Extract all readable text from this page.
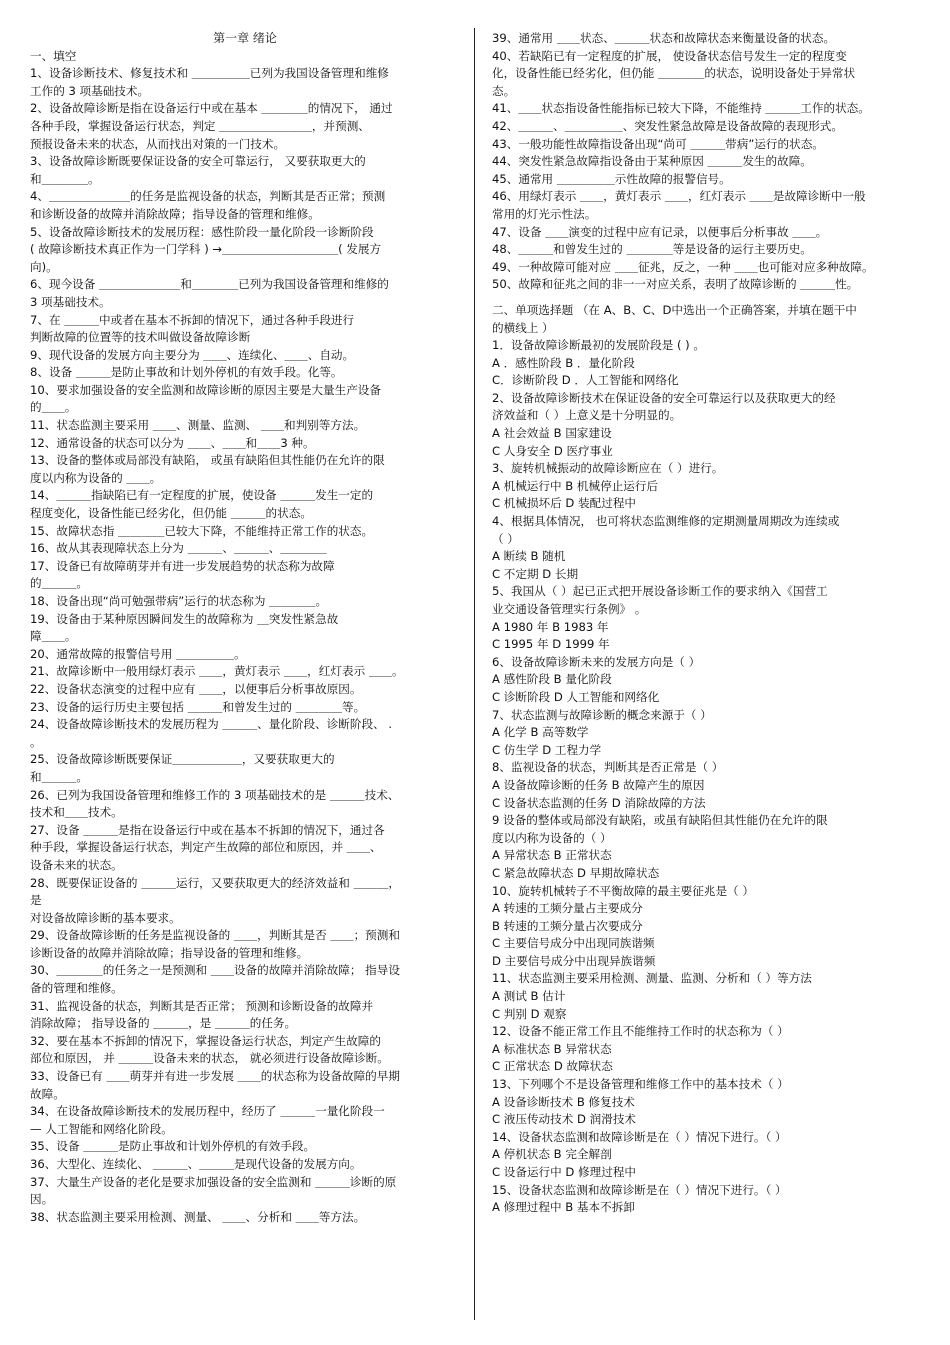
第一章 绪论
一、填空
1、设备诊断技术、修复技术和 ＿＿＿＿＿已列为我国设备管理和维修
工作的 3 项基础技术。
2、设备故障诊断是指在设备运行中或在基本 ＿＿＿＿的情况下， 通过
各种手段，掌握设备运行状态，判定 ＿＿＿＿＿＿＿＿，并预测、
预报设备未来的状态，从而找出对策的一门技术。
3、设备故障诊断既要保证设备的安全可靠运行， 又要获取更大的
和＿＿＿＿。
4、＿＿＿＿＿＿＿的任务是监视设备的状态，判断其是否正常；预测
和诊断设备的故障并消除故障；指导设备的管理和维修。
5、设备故障诊断技术的发展历程：感性阶段一量化阶段一诊断阶段
( 故障诊断技术真正作为一门学科 ) →＿＿＿＿＿＿＿＿＿＿( 发展方
向)。
6、现今设备 ＿＿＿＿＿＿＿和＿＿＿＿已列为我国设备管理和维修的
3 项基础技术。
7、在 ＿＿＿中或者在基本不拆卸的情况下，通过各种手段进行
判断故障的位置等的技术叫做设备故障诊断
9、现代设备的发展方向主要分为 ＿＿、连续化、＿＿、自动。
8、设备 ＿＿＿是防止事故和计划外停机的有效手段。化等。
10、要求加强设备的安全监测和故障诊断的原因主要是大量生产设备
的＿＿。
11、状态监测主要采用 ＿＿、测量、监测、 ＿＿和判别等方法。
12、通常设备的状态可以分为 ＿＿、＿＿和＿＿3 种。
13、设备的整体或局部没有缺陷， 或虽有缺陷但其性能仍在允许的限
度以内称为设备的 ＿＿。
14、＿＿＿指缺陷已有一定程度的扩展，使设备 ＿＿＿发生一定的
程度变化，设备性能已经劣化，但仍能 ＿＿＿的状态。
15、故障状态指 ＿＿＿＿已较大下降，不能维持正常工作的状态。
16、故从其表现障状态上分为 ＿＿＿、＿＿＿、＿＿＿＿
17、设备已有故障萌芽并有进一步发展趋势的状态称为故障
的＿＿＿。
18、设备出现“尚可勉强带病”运行的状态称为 ＿＿＿＿。
19、设备由于某种原因瞬间发生的故障称为 ＿突发性紧急故
障＿＿。
20、通常故障的报警信号用 ＿＿＿＿＿。
21、故障诊断中一般用绿灯表示 ＿＿，黄灯表示 ＿＿，红灯表示 ＿＿。
22、设备状态演变的过程中应有 ＿＿，以便事后分析事故原因。
23、设备的运行历史主要包括 ＿＿＿和曾发生过的 ＿＿＿＿等。
24、设备故障诊断技术的发展历程为 ＿＿＿、量化阶段、诊断阶段、 .
。
25、设备故障诊断既要保证＿＿＿＿＿＿，又要获取更大的
和＿＿＿。
26、已列为我国设备管理和维修工作的 3 项基础技术的是 ＿＿＿技术、
技术和＿＿技术。
27、设备 ＿＿＿是指在设备运行中或在基本不拆卸的情况下，通过各
种手段，掌握设备运行状态，判定产生故障的部位和原因，并 ＿＿、
设备未来的状态。
28、既要保证设备的 ＿＿＿运行，又要获取更大的经济效益和 ＿＿＿，
是
对设备故障诊断的基本要求。
29、设备故障诊断的任务是监视设备的 ＿＿，判断其是否 ＿＿；预测和
诊断设备的故障并消除故障；指导设备的管理和维修。
30、＿＿＿＿的任务之一是预测和 ＿＿设备的故障并消除故障； 指导设
备的管理和维修。
31、监视设备的状态，判断其是否正常； 预测和诊断设备的故障并
消除故障； 指导设备的 ＿＿＿，是 ＿＿＿的任务。
32、要在基本不拆卸的情况下，掌握设备运行状态，判定产生故障的
部位和原因， 并 ＿＿＿设备未来的状态， 就必须进行设备故障诊断。
33、设备已有 ＿＿萌芽并有进一步发展 ＿＿的状态称为设备故障的早期
故障。
34、在设备故障诊断技术的发展历程中，经历了 ＿＿＿一量化阶段一
— 人工智能和网络化阶段。
35、设备 ＿＿＿是防止事故和计划外停机的有效手段。
36、大型化、连续化、 ＿＿＿、＿＿＿是现代设备的发展方向。
37、大量生产设备的老化是要求加强设备的安全监测和 ＿＿＿诊断的原
因。
38、状态监测主要采用检测、测量、 ＿＿、分析和 ＿＿等方法。
39、通常用 ＿＿状态、＿＿＿状态和故障状态来衡量设备的状态。
40、若缺陷已有一定程度的扩展， 使设备状态信号发生一定的程度变
化，设备性能已经劣化，但仍能 ＿＿＿＿的状态，说明设备处于异常状
态。
41、＿＿状态指设备性能指标已较大下降，不能维持 ＿＿＿工作的状态。
42、＿＿＿、＿＿＿＿＿、突发性紧急故障是设备故障的表现形式。
43、一般功能性故障指设备出现“尚可 ＿＿＿带病”运行的状态。
44、突发性紧急故障指设备由于某种原因 ＿＿＿发生的故障。
45、通常用 ＿＿＿＿＿示性故障的报警信号。
46、用绿灯表示 ＿＿，黄灯表示 ＿＿，红灯表示 ＿＿是故障诊断中一般
常用的灯光示性法。
47、设备 ＿＿演变的过程中应有记录，以便事后分析事故 ＿＿。
48、＿＿＿和曾发生过的 ＿＿＿＿等是设备的运行主要历史。
49、一种故障可能对应 ＿＿征兆，反之，一种 ＿＿也可能对应多种故障。
50、故障和征兆之间的非一一对应关系，表明了故障诊断的 ＿＿＿性。
二、单项选择题 （在 A、B、C、D中选出一个正确答案，并填在题干中
的横线上 ）
1．设备故障诊断最初的发展阶段是 ( ) 。
A ．感性阶段 B ．量化阶段
C．诊断阶段 D ．人工智能和网络化
2、设备故障诊断技术在保证设备的安全可靠运行以及获取更大的经
济效益和（ ）上意义是十分明显的。
A 社会效益 B 国家建设
C 人身安全 D 医疗事业
3、旋转机械振动的故障诊断应在（ ）进行。
A 机械运行中 B 机械停止运行后
C 机械损坏后 D 装配过程中
4、根据具体情况， 也可将状态监测维修的定期测量周期改为连续或
（ ）
A 断续 B 随机
C 不定期 D 长期
5、我国从（ ）起已正式把开展设备诊断工作的要求纳入《国营工
业交通设备管理实行条例》 。
A 1980 年 B 1983 年
C 1995 年 D 1999 年
6、设备故障诊断未来的发展方向是（ ）
A 感性阶段 B 量化阶段
C 诊断阶段 D 人工智能和网络化
7、状态监测与故障诊断的概念来源于（ ）
A 化学 B 高等数学
C 仿生学 D 工程力学
8、监视设备的状态，判断其是否正常是（ ）
A 设备故障诊断的任务 B 故障产生的原因
C 设备状态监测的任务 D 消除故障的方法
9 设备的整体或局部没有缺陷，或虽有缺陷但其性能仍在允许的限
度以内称为设备的（ ）
A 异常状态 B 正常状态
C 紧急故障状态 D 早期故障状态
10、旋转机械转子不平衡故障的最主要征兆是（ ）
A 转速的工频分量占主要成分
B 转速的工频分量占次要成分
C 主要信号成分中出现同族谐频
D 主要信号成分中出现异族谐频
11、状态监测主要采用检测、测量、监测、分析和（ ）等方法
A 测试 B 估计
C 判别 D 观察
12、设备不能正常工作且不能维持工作时的状态称为（ ）
A 标准状态 B 异常状态
C 正常状态 D 故障状态
13、下列哪个不是设备管理和维修工作中的基本技术（ ）
A 设备诊断技术 B 修复技术
C 液压传动技术 D 润滑技术
14、设备状态监测和故障诊断是在（ ）情况下进行。（ ）
A 停机状态 B 完全解剖
C 设备运行中 D 修理过程中
15、设备状态监测和故障诊断是在（ ）情况下进行。（ ）
A 修理过程中 B 基本不拆卸
